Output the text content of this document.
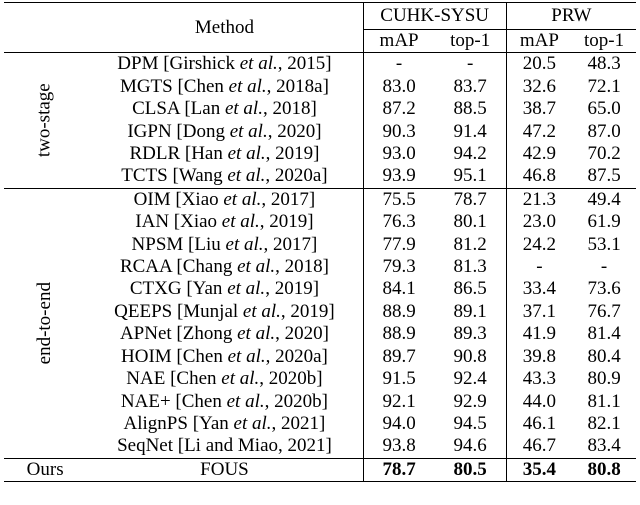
	Method	CUHK-SYSU		PRW	
		mAP	top-1	mAP	top-1
two-stage	DPM [Girshick et al., 2015]	-	-	20.5	48.3
	MGTS [Chen et al., 2018a]	83.0	83.7	32.6	72.1
	CLSA [Lan et al., 2018]	87.2	88.5	38.7	65.0
	IGPN [Dong et al., 2020]	90.3	91.4	47.2	87.0
	RDLR [Han et al., 2019]	93.0	94.2	42.9	70.2
	TCTS [Wang et al., 2020a]	93.9	95.1	46.8	87.5
end-to-end	OIM [Xiao et al., 2017]	75.5	78.7	21.3	49.4
	IAN [Xiao et al., 2019]	76.3	80.1	23.0	61.9
	NPSM [Liu et al., 2017]	77.9	81.2	24.2	53.1
	RCAA [Chang et al., 2018]	79.3	81.3	-	-
	CTXG [Yan et al., 2019]	84.1	86.5	33.4	73.6
	QEEPS [Munjal et al., 2019]	88.9	89.1	37.1	76.7
	APNet [Zhong et al., 2020]	88.9	89.3	41.9	81.4
	HOIM [Chen et al., 2020a]	89.7	90.8	39.8	80.4
	NAE [Chen et al., 2020b]	91.5	92.4	43.3	80.9
	NAE+ [Chen et al., 2020b]	92.1	92.9	44.0	81.1
	AlignPS [Yan et al., 2021]	94.0	94.5	46.1	82.1
	SeqNet [Li and Miao, 2021]	93.8	94.6	46.7	83.4
Ours	FOUS	78.7	80.5	35.4	80.8
